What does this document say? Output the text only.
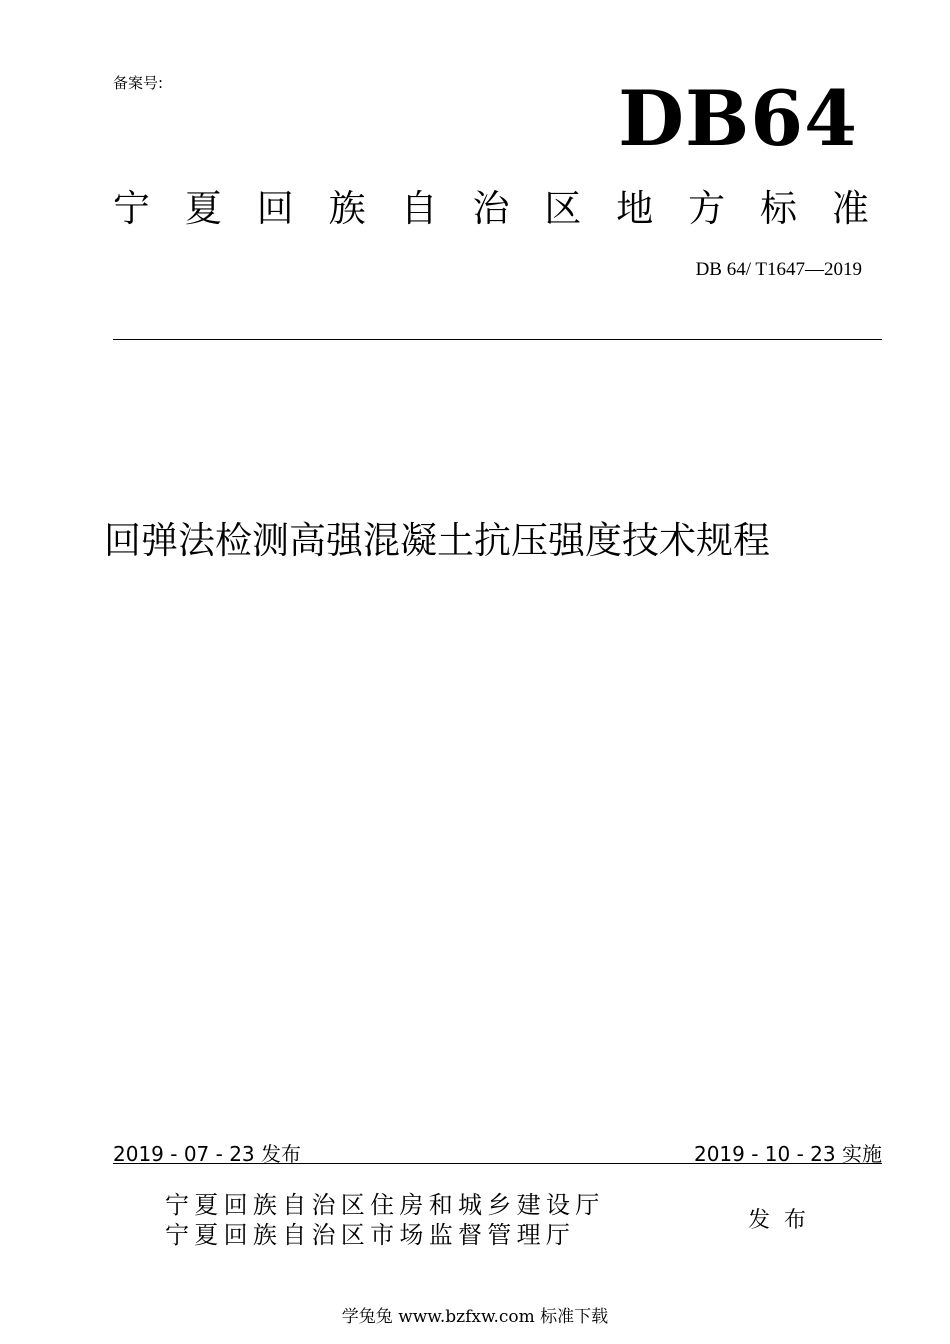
备案号:	DB64
宁 夏 回 族 自 治 区 地 方 标 准
DB 64/ T1647—2019
回弹法检测高强混凝土抗压强度技术规程
2019 - 07 - 23 发布	2019 - 10 - 23 实施
宁夏回族自治区住房和城乡建设厅
宁夏回族自治区市场监督管理厅
发布
学兔兔 www.bzfxw.com 标准下载
